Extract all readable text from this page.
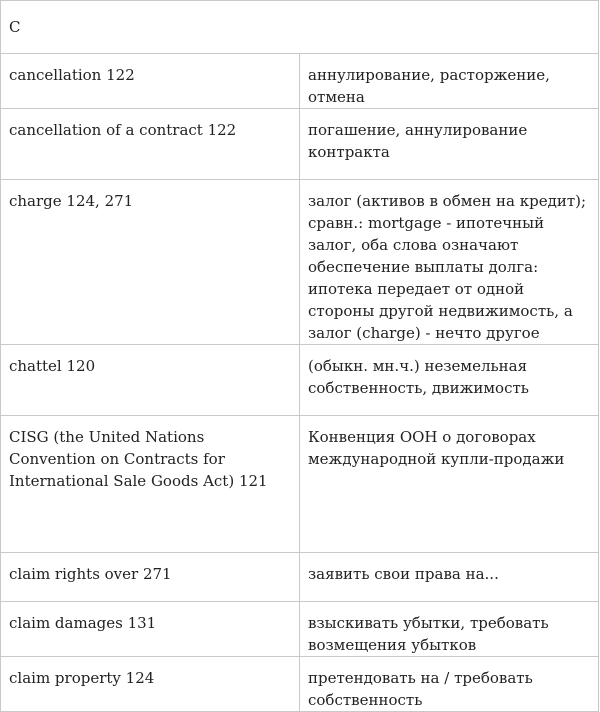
C	

cancellation 122	аннулирование, расторжение, отмена

cancellation of a contract 122	погашение, аннулирование контракта

charge 124, 271	залог (активов в обмен на кредит); сравн.: mortgage - ипотечный залог, оба слова означают обеспечение выплаты долга: ипотека передает от одной стороны другой недвижимость, а залог (charge) - нечто другое

chattel 120	(обыкн. мн.ч.) неземельная собственность, движимость

CISG (the United Nations Convention on Contracts for International Sale Goods Act) 121	Конвенция ООН о договорах международной купли-продажи

claim rights over 271	заявить свои права на...

claim damages 131	взыскивать убытки, требовать возмещения убытков

claim property 124	претендовать на / требовать собственность
